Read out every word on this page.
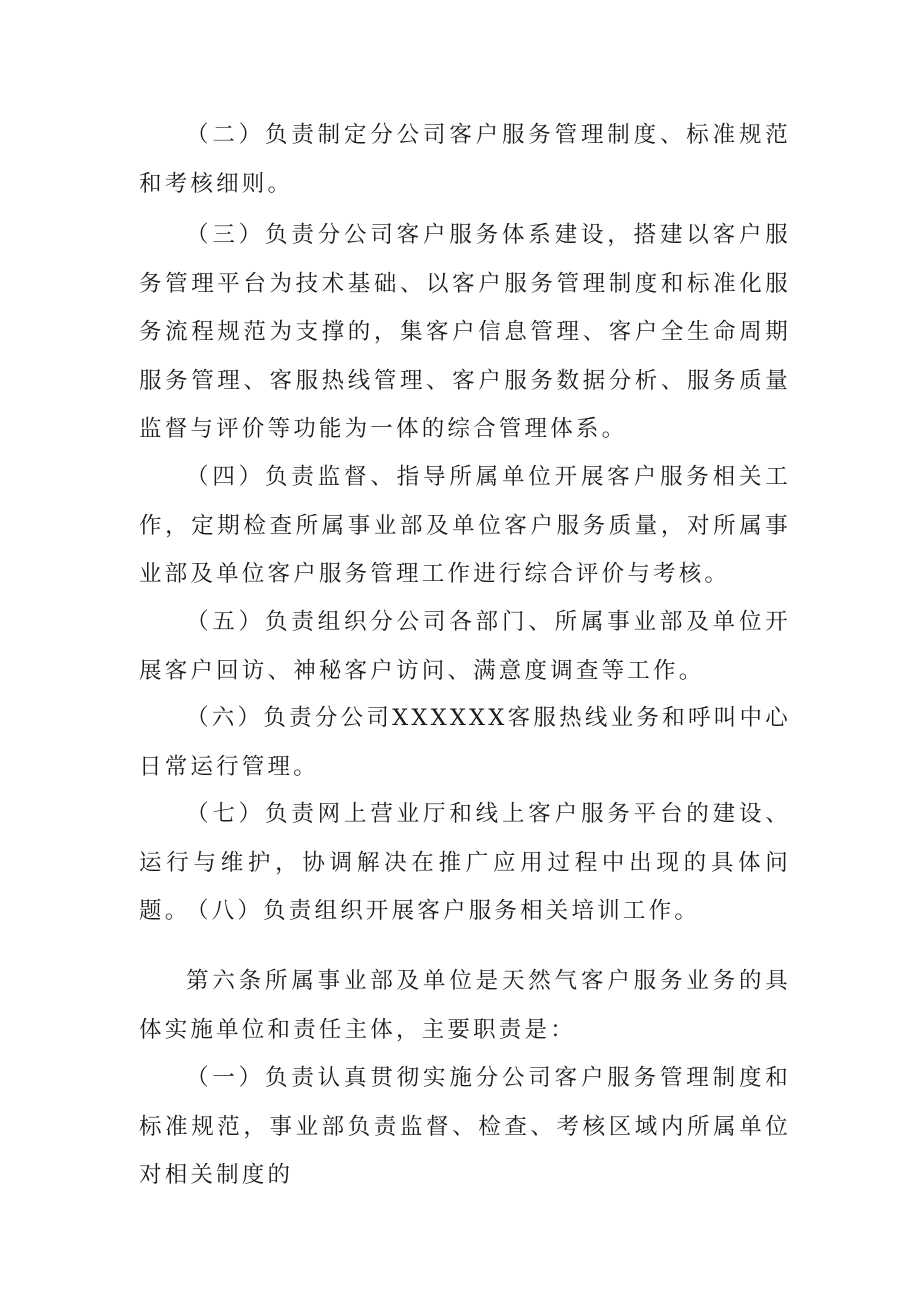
（二）负责制定分公司客户服务管理制度、标准规范和考核细则。

（三）负责分公司客户服务体系建设，搭建以客户服务管理平台为技术基础、以客户服务管理制度和标准化服务流程规范为支撑的，集客户信息管理、客户全生命周期服务管理、客服热线管理、客户服务数据分析、服务质量监督与评价等功能为一体的综合管理体系。

（四）负责监督、指导所属单位开展客户服务相关工作，定期检查所属事业部及单位客户服务质量，对所属事业部及单位客户服务管理工作进行综合评价与考核。

（五）负责组织分公司各部门、所属事业部及单位开展客户回访、神秘客户访问、满意度调查等工作。

（六）负责分公司XXXXXX客服热线业务和呼叫中心日常运行管理。

（七）负责网上营业厅和线上客户服务平台的建设、运行与维护，协调解决在推广应用过程中出现的具体问题。

（八）负责组织开展客户服务相关培训工作。

第六条所属事业部及单位是天然气客户服务业务的具体实施单位和责任主体，主要职责是：

（一）负责认真贯彻实施分公司客户服务管理制度和标准规范，事业部负责监督、检查、考核区域内所属单位对相关制度的
